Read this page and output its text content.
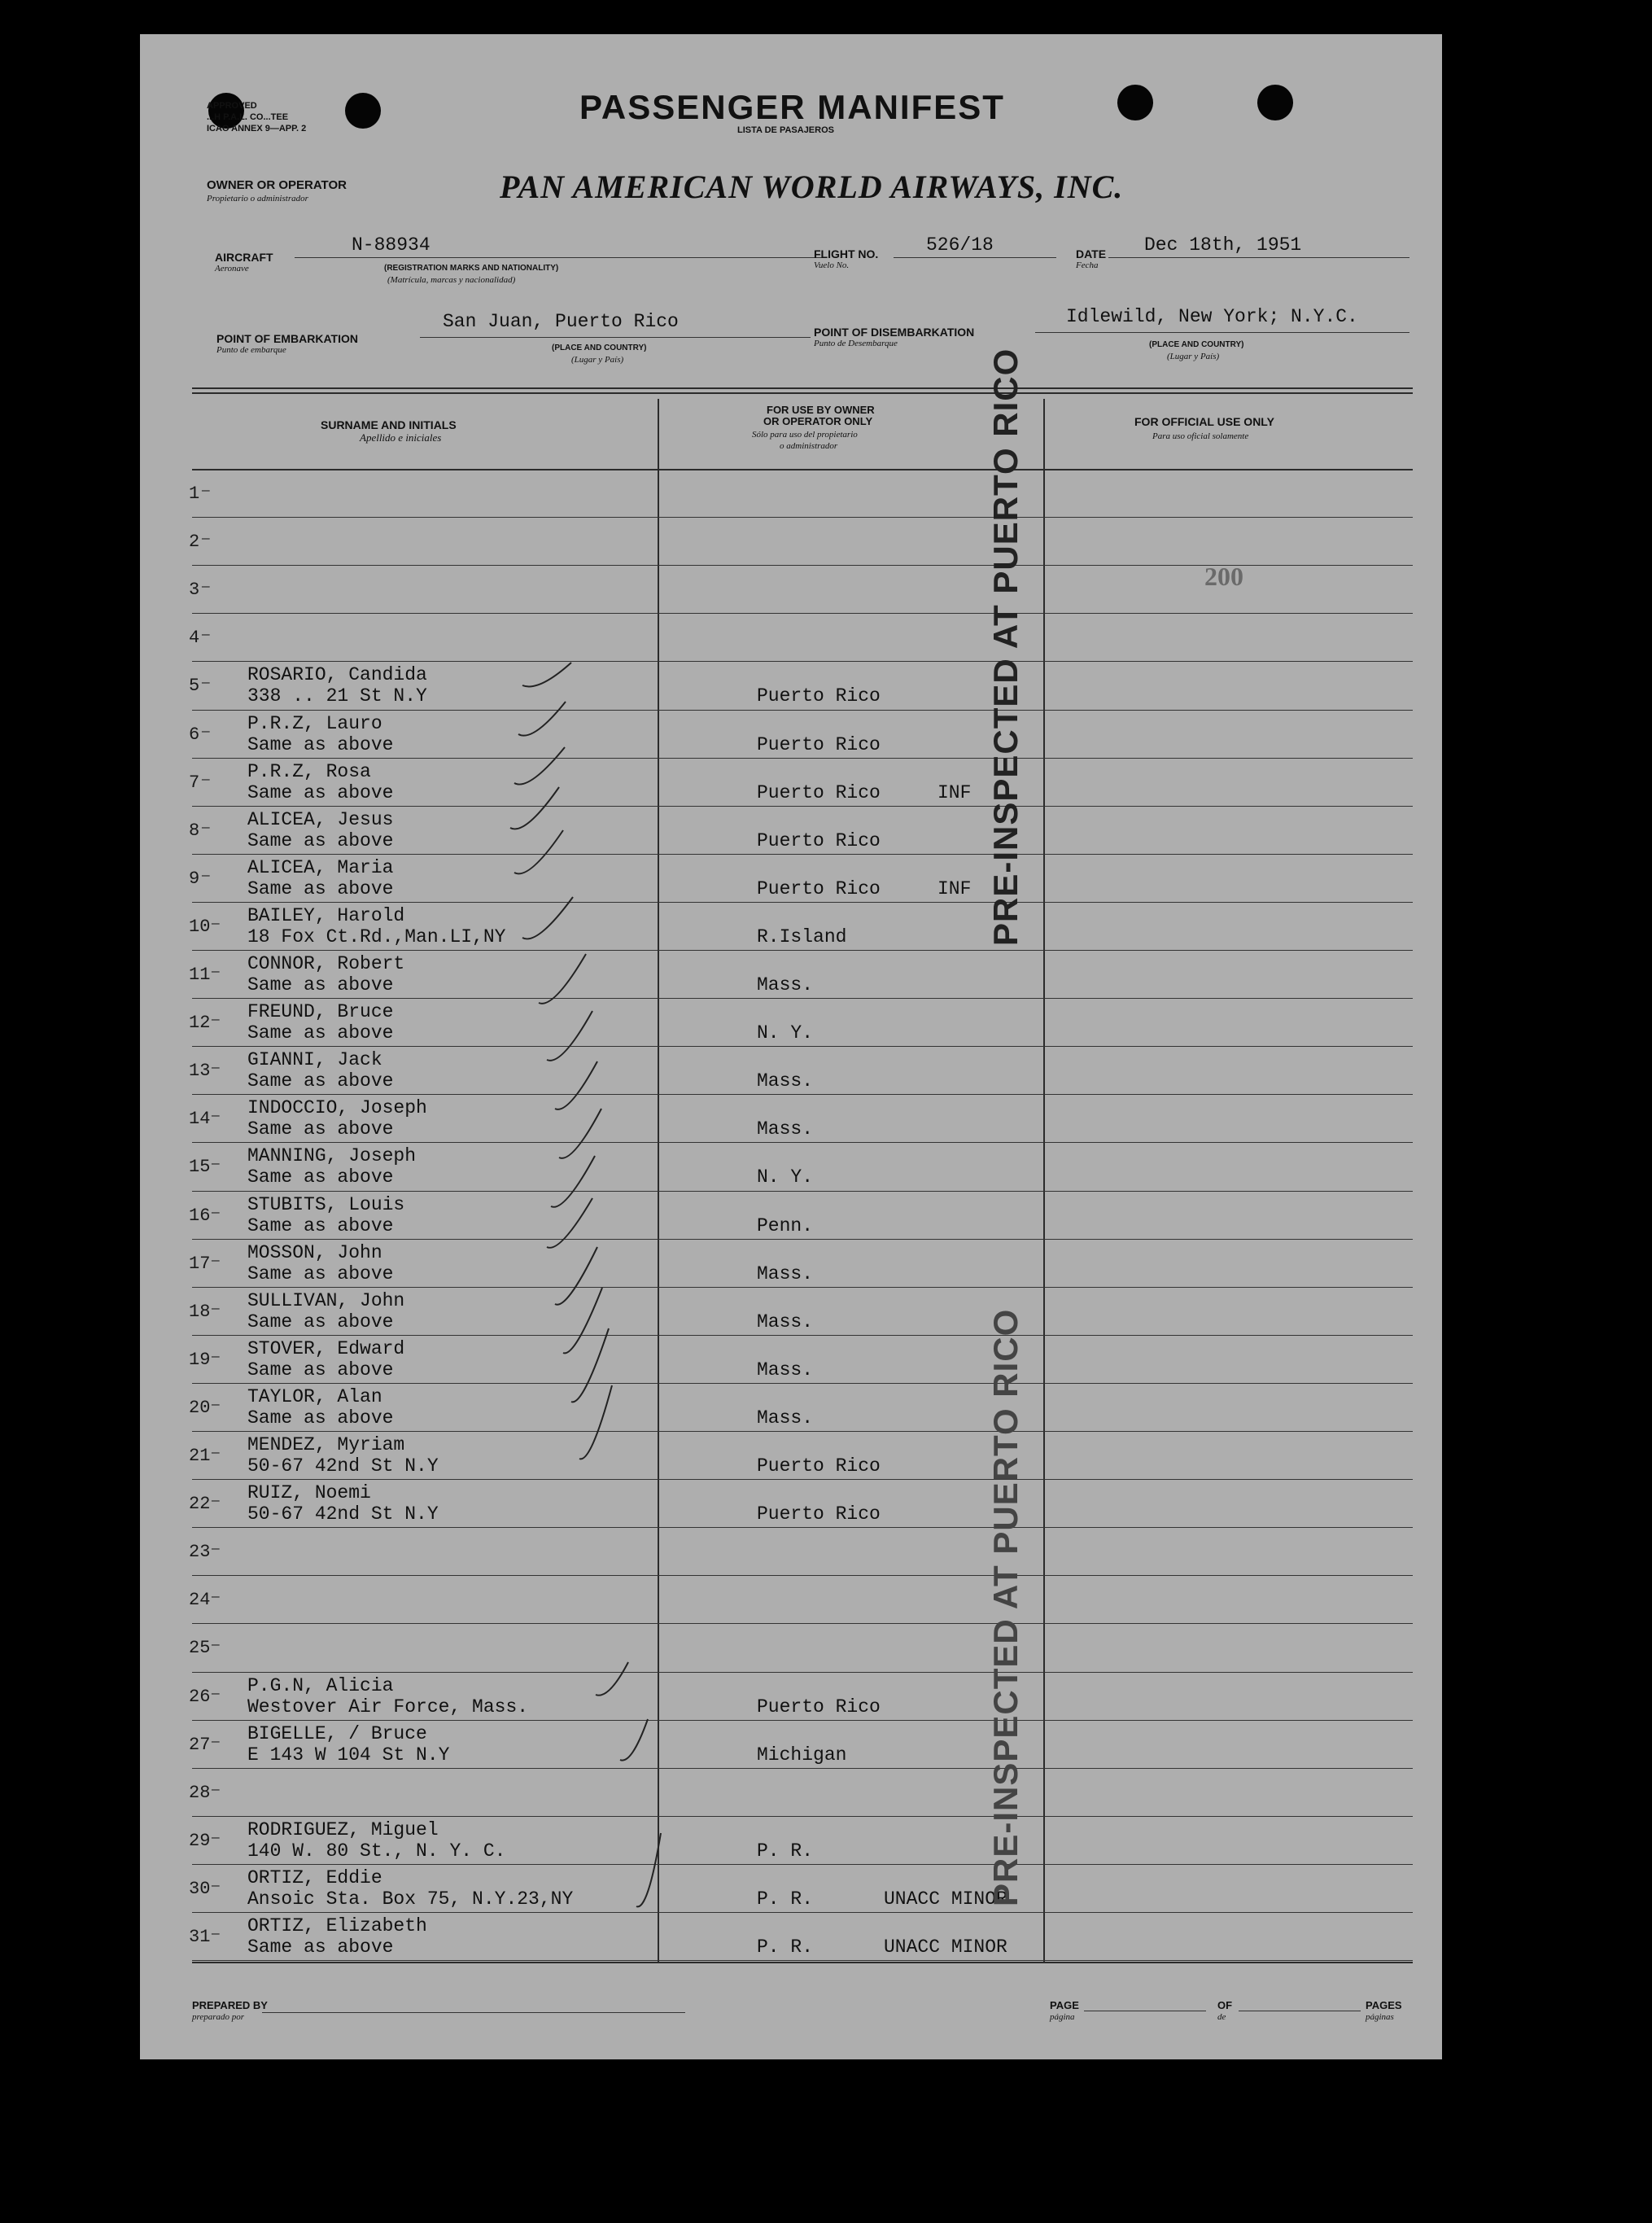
APPROVED
...H P.A.L. CO...TEE
ICAO ANNEX 9—APP. 2
PASSENGER MANIFEST
LISTA DE PASAJEROS
OWNER OR OPERATOR
Propietario o administrador	PAN AMERICAN WORLD AIRWAYS, INC.
AIRCRAFT
Aeronave
N-88934
(REGISTRATION MARKS AND NATIONALITY)
(Matrícula, marcas y nacionalidad)
FLIGHT NO.
Vuelo No.
526/18	DATE
Fecha
Dec 18th, 1951
POINT OF EMBARKATION
Punto de embarque
San Juan, Puerto Rico
(PLACE AND COUNTRY)
(Lugar y País)
POINT OF DISEMBARKATION
Punto de Desembarque
Idlewild, New York; N.Y.C.
(PLACE AND COUNTRY)
(Lugar y País)
SURNAME AND INITIALS
Apellido e iniciales
FOR USE BY OWNER
OR OPERATOR ONLY
Sólo para uso del propietario
o administrador
FOR OFFICIAL USE ONLY
Para uso oficial solamente
200
1 —
2 —
3 —
4 —
5 — ROSARIO, Candida
338 .. 21 St N.Y	Puerto Rico
6 — P.R.Z, Lauro
Same as above	Puerto Rico
7 — P.R.Z, Rosa
Same as above	Puerto Rico	INF
8 — ALICEA, Jesus
Same as above	Puerto Rico
9 — ALICEA, Maria
Same as above	Puerto Rico	INF
10 — BAILEY, Harold
18 Fox Ct.Rd.,Man.LI,NY	R.Island
11 — CONNOR, Robert
Same as above	Mass.
12 — FREUND, Bruce
Same as above	N. Y.
13 — GIANNI, Jack
Same as above	Mass.
14 — INDOCCIO, Joseph
Same as above	Mass.
15 — MANNING, Joseph
Same as above	N. Y.
16 — STUBITS, Louis
Same as above	Penn.
17 — MOSSON, John
Same as above	Mass.
18 — SULLIVAN, John
Same as above	Mass.
19 — STOVER, Edward
Same as above	Mass.
20 — TAYLOR, Alan
Same as above	Mass.
21 — MENDEZ, Myriam
50-67 42nd St N.Y	Puerto Rico
22 — RUIZ, Noemi
50-67 42nd St N.Y	Puerto Rico
23 —
24 —
25 —
26 — P.G.N, Alicia
Westover Air Force, Mass.	Puerto Rico
27 — BIGELLE, / Bruce
E 143 W 104 St N.Y	Michigan
28 —
29 — RODRIGUEZ, Miguel
140 W. 80 St., N. Y. C.	P. R.
30 — ORTIZ, Eddie
Ansoic Sta. Box 75, N.Y.23,NY	P. R.	UNACC MINOR
31 — ORTIZ, Elizabeth
Same as above	P. R.	UNACC MINOR
PRE-INSPECTED AT PUERTO RICO
PRE-INSPECTED AT PUERTO RICO
PREPARED BY
preparado por
PAGE
página
OF
de
PAGES
páginas
